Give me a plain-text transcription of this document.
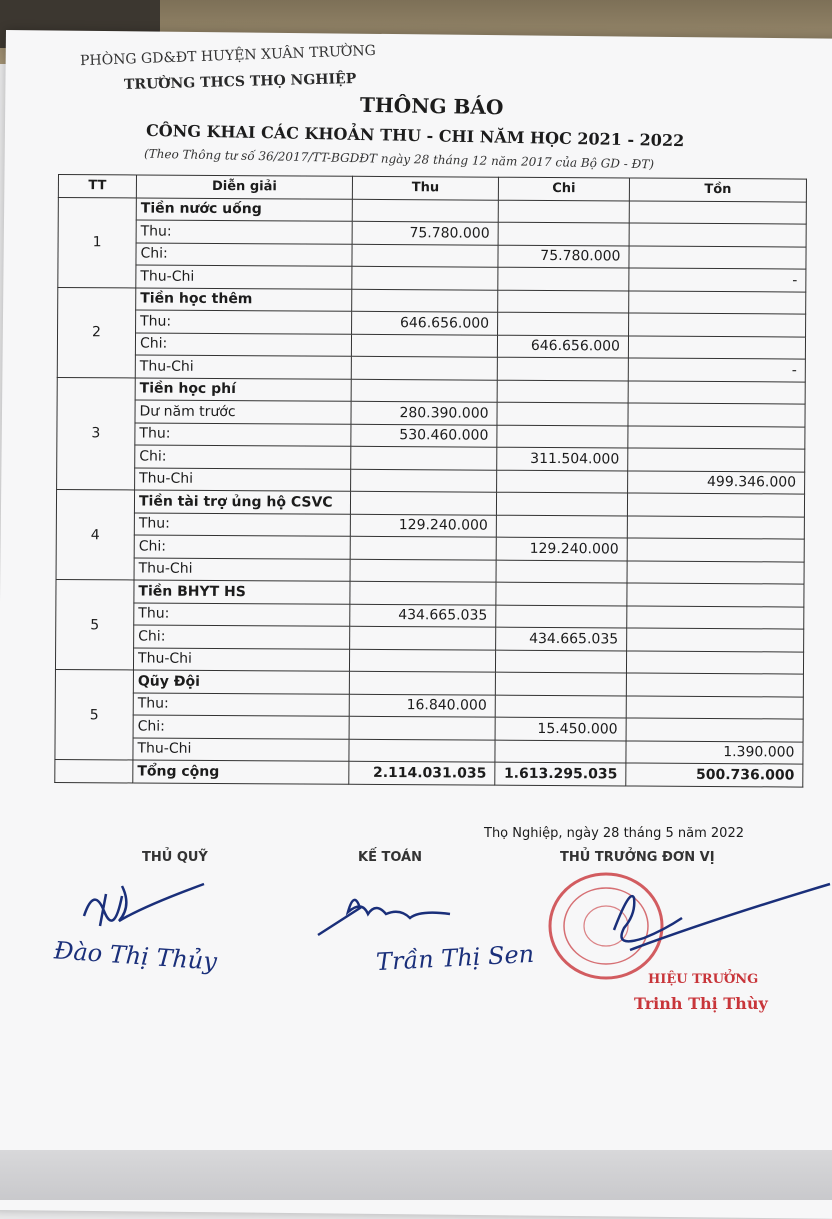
PHÒNG GD&ĐT HUYỆN XUÂN TRƯỜNG
TRƯỜNG THCS THỌ NGHIỆP
THÔNG BÁO
CÔNG KHAI CÁC KHOẢN THU - CHI NĂM HỌC 2021 - 2022
(Theo Thông tư số 36/2017/TT-BGDĐT ngày 28 tháng 12 năm 2017 của Bộ GD - ĐT)
TT	Diễn giải	Thu	Chi	Tồn
1	Tiền nước uống			
	Thu:	75.780.000		
	Chi:		75.780.000	
	Thu-Chi			-
2	Tiền học thêm			
	Thu:	646.656.000		
	Chi:		646.656.000	
	Thu-Chi			-
3	Tiền học phí			
	Dư năm trước	280.390.000		
	Thu:	530.460.000		
	Chi:		311.504.000	
	Thu-Chi			499.346.000
4	Tiền tài trợ ủng hộ CSVC			
	Thu:	129.240.000		
	Chi:		129.240.000	
	Thu-Chi			
5	Tiền BHYT HS			
	Thu:	434.665.035		
	Chi:		434.665.035	
	Thu-Chi			
5	Qũy Đội			
	Thu:	16.840.000		
	Chi:		15.450.000	
	Thu-Chi			1.390.000
	Tổng cộng	2.114.031.035	1.613.295.035	500.736.000
Thọ Nghiệp, ngày 28 tháng 5 năm 2022
THỦ QUỸ	KẾ TOÁN	THỦ TRƯỞNG ĐƠN VỊ
Đào Thị Thủy	Trần Thị Sen
HIỆU TRƯỞNG
Trinh Thị Thùy
